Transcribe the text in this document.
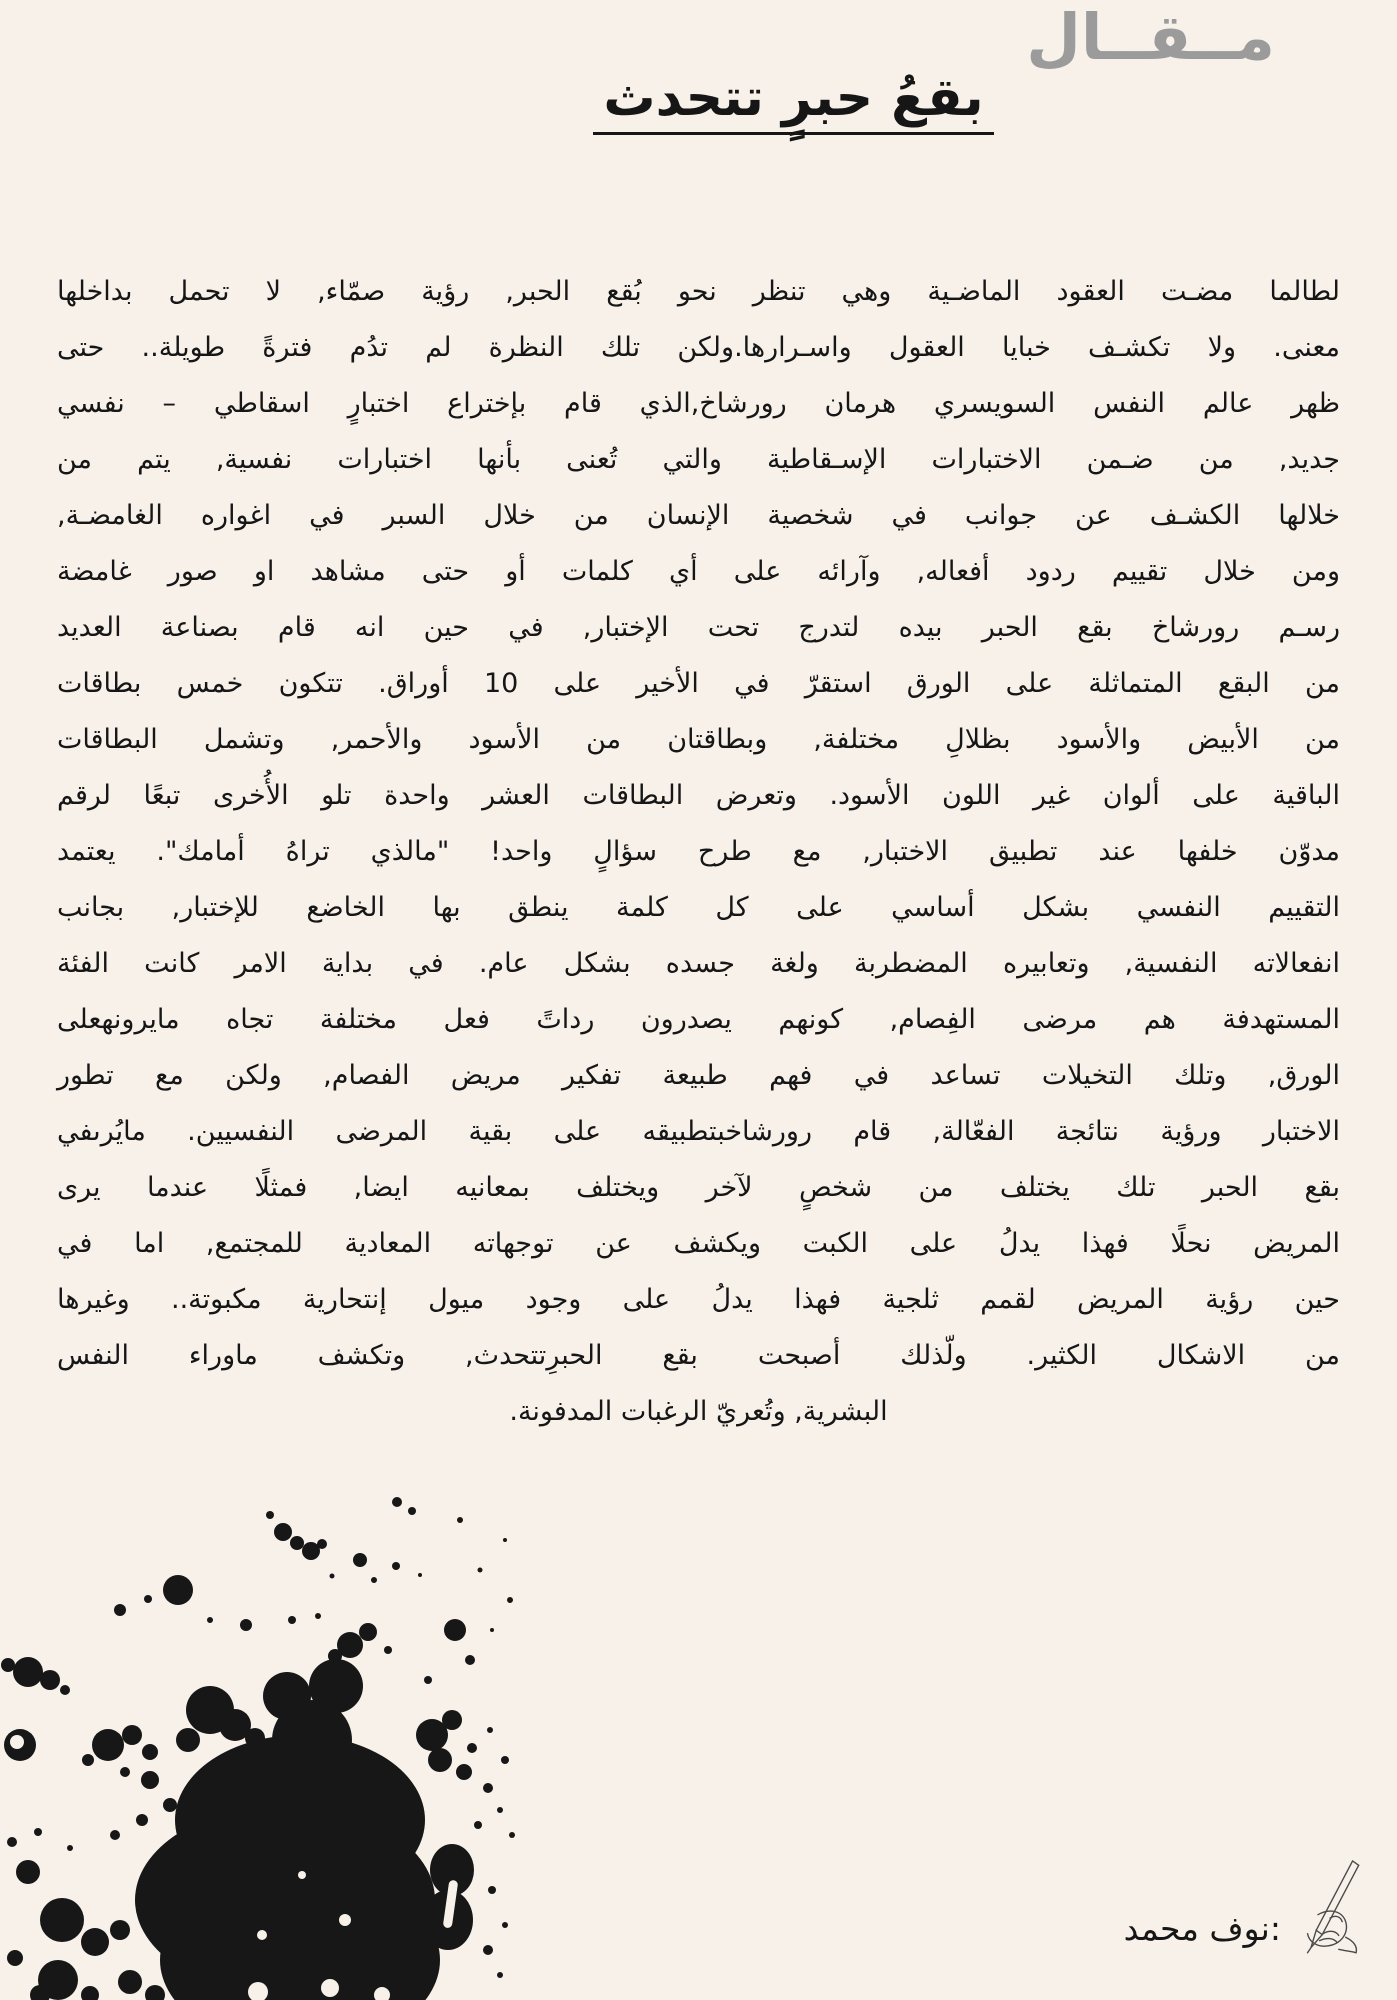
مــقــال
بقعُ حبرٍ تتحدث
لطالما مضـت العقود الماضـية وهي تنظر نحو بُقع الحبر, رؤية صمّاء, لا تحمل بداخلها
معنى. ولا تكشـف خبايا العقول واسـرارها.ولكن تلك النظرة لم تدُم فترةً طويلة.. حتى
ظهر عالم النفس السويسري هرمان رورشاخ,الذي قام بإختراع اختبارٍ اسقاطي – نفسي
جديد, من ضـمن الاختبارات الإسـقاطية والتي تُعنى بأنها اختبارات نفسية, يتم من
خلالها الكشـف عن جوانب في شخصية الإنسان من خلال السبر في اغواره الغامضـة,
ومن خلال تقييم ردود أفعاله, وآرائه على أي كلمات أو حتى مشاهد او صور غامضة
رسـم رورشاخ بقع الحبر بيده لتدرج تحت الإختبار, في حين انه قام بصناعة العديد
من البقع المتماثلة على الورق استقرّ في الأخير على 10 أوراق. تتكون خمس بطاقات
من الأبيض والأسود بظلالِ مختلفة, وبطاقتان من الأسود والأحمر, وتشمل البطاقات
الباقية على ألوان غير اللون الأسود. وتعرض البطاقات العشر واحدة تلو الأُخرى تبعًا لرقم
مدوّن خلفها عند تطبيق الاختبار, مع طرح سؤالٍ واحد! "مالذي تراهُ أمامك". يعتمد
التقييم النفسي بشكل أساسي على كل كلمة ينطق بها الخاضع للإختبار, بجانب
انفعالاته النفسية, وتعابيره المضطربة ولغة جسده بشكل عام. في بداية الامر كانت الفئة
المستهدفة هم مرضى الفِصام, كونهم يصدرون رداتً فعل مختلفة تجاه مايرونهعلى
الورق, وتلك التخيلات تساعد في فهم طبيعة تفكير مريض الفصام, ولكن مع تطور
الاختبار ورؤية نتائجة الفعّالة, قام رورشاخبتطبيقه على بقية المرضى النفسيين. مايُرىفي
بقع الحبر تلك يختلف من شخصٍ لآخر ويختلف بمعانيه ايضا, فمثلًا عندما يرى
المريض نحلًا فهذا يدلُ على الكبت ويكشف عن توجهاته المعادية للمجتمع, اما في
حين رؤية المريض لقمم ثلجية فهذا يدلُ على وجود ميول إنتحارية مكبوتة.. وغيرها
من الاشكال الكثير. ولّذلك أصبحت بقع الحبرِتتحدث, وتكشف ماوراء النفس
البشرية, وتُعريّ الرغبات المدفونة.
:نوف محمد
